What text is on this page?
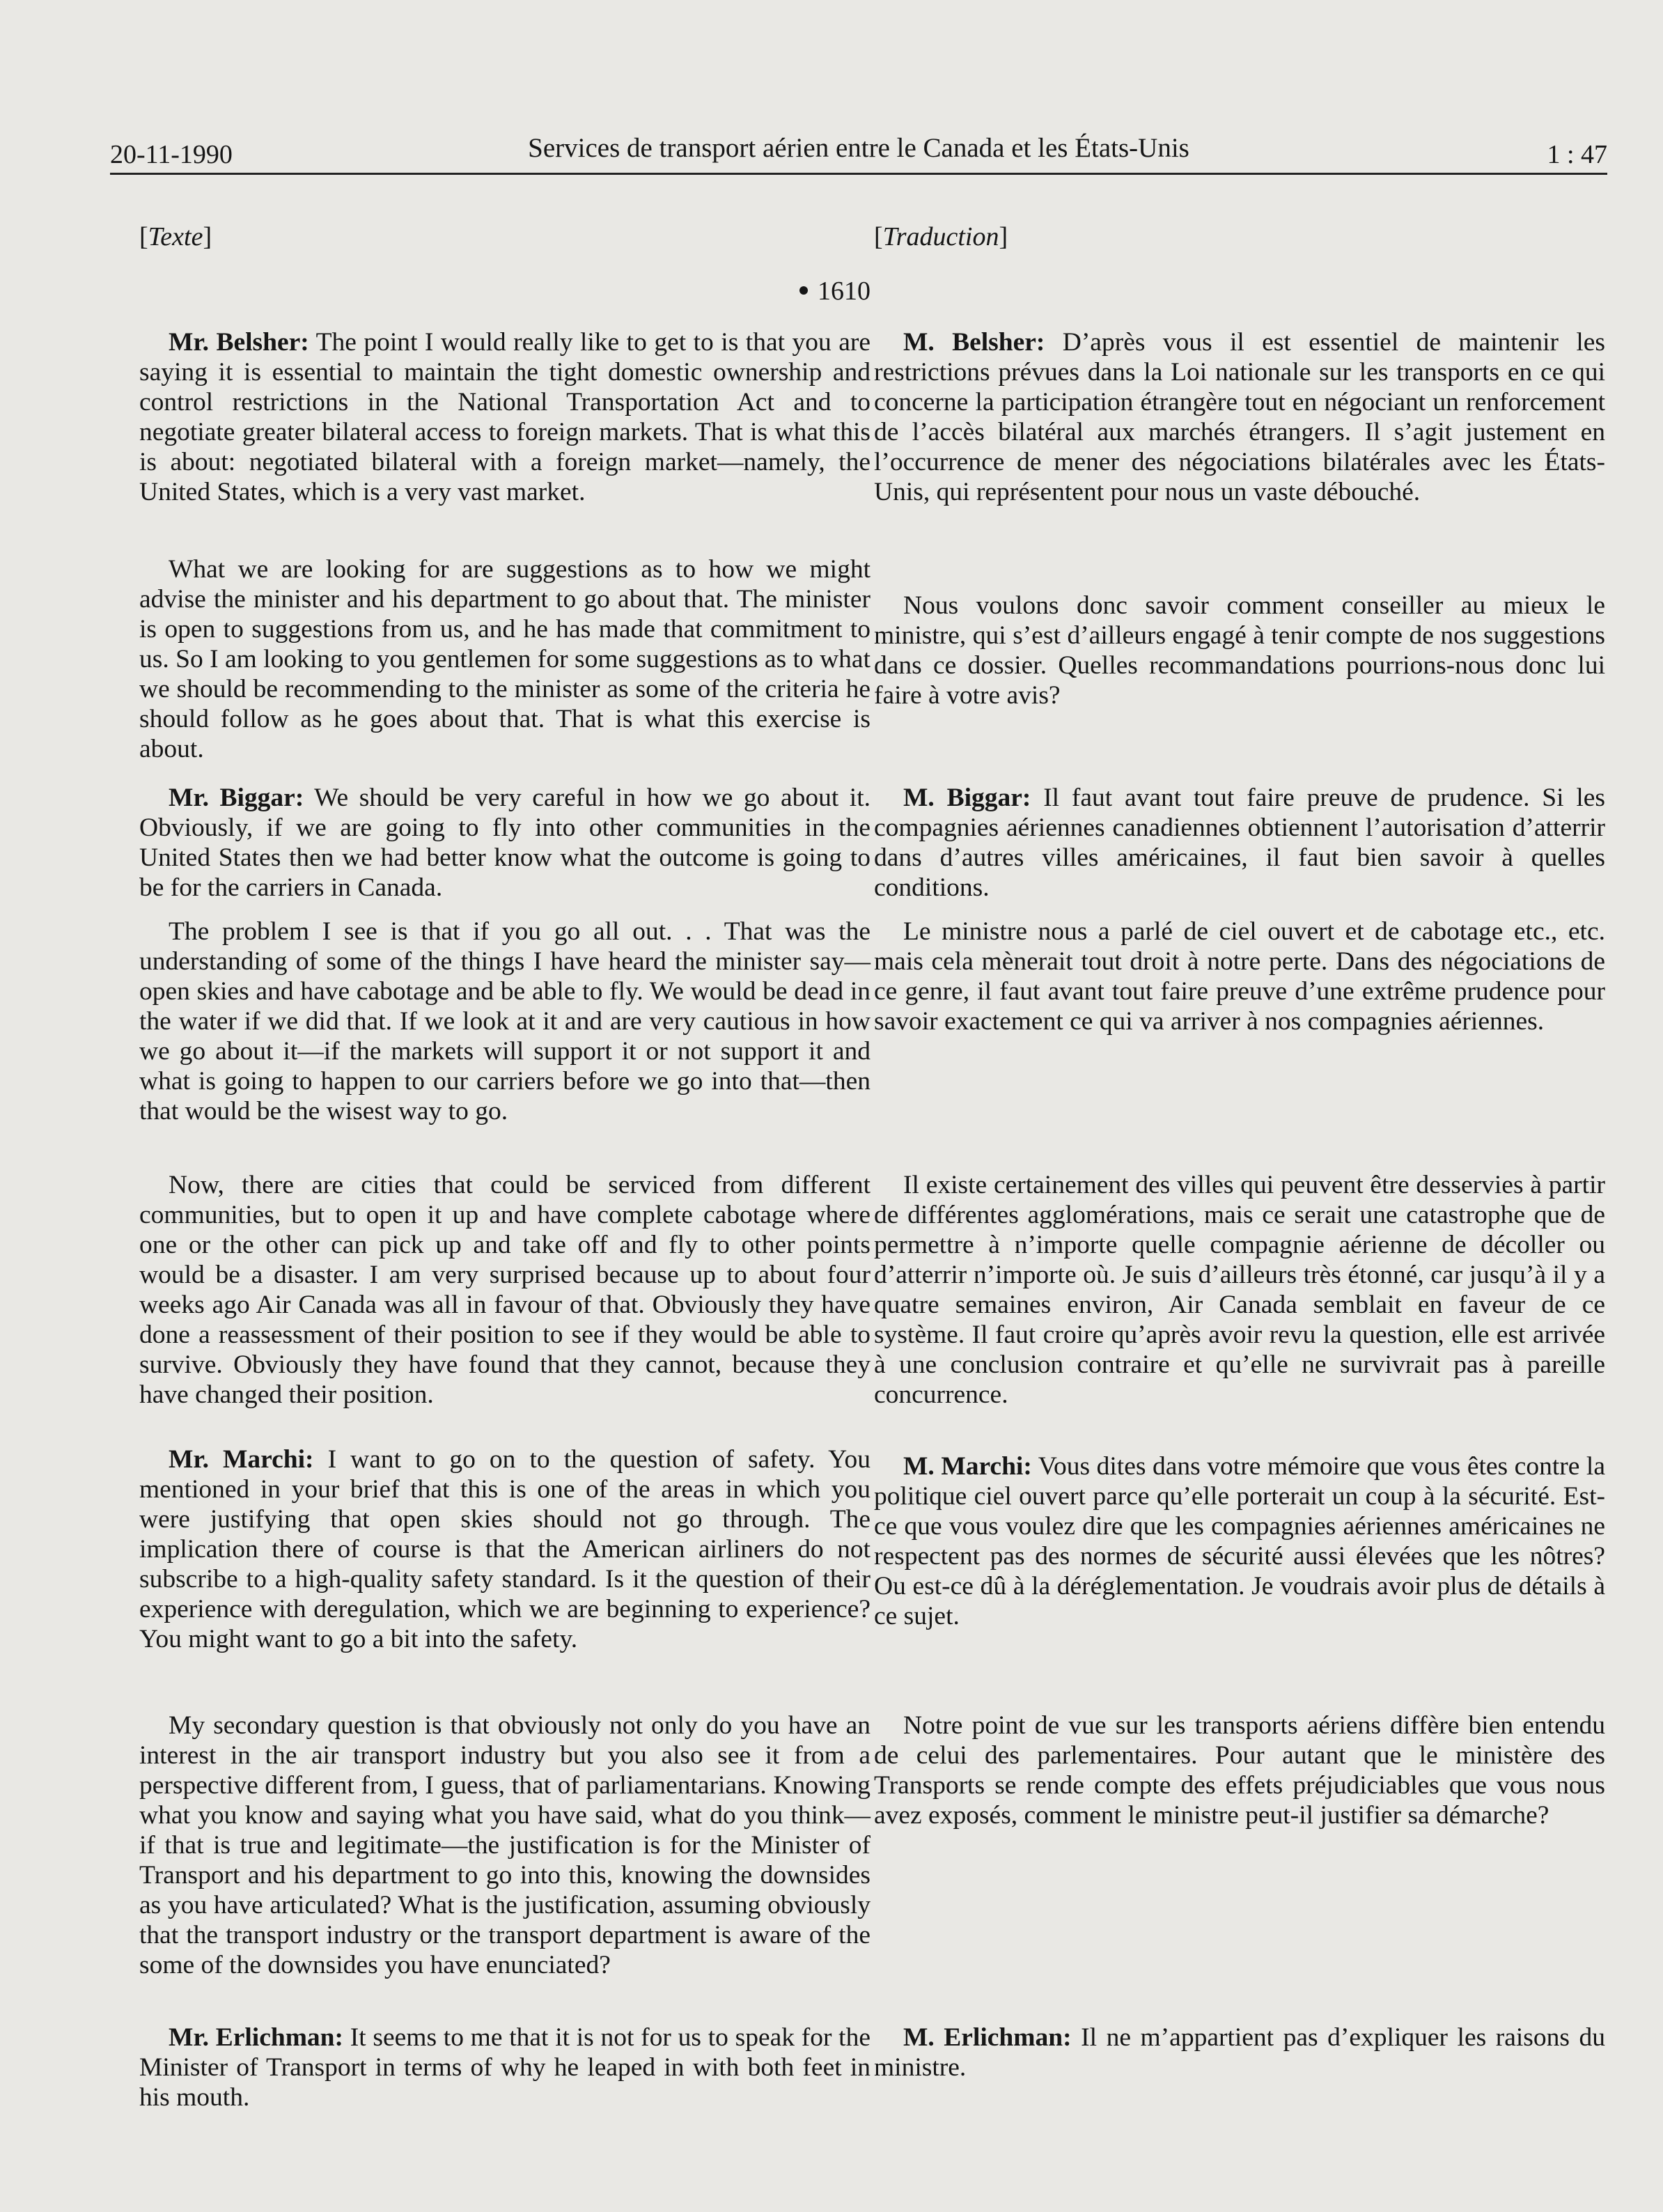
20-11-1990	Services de transport aérien entre le Canada et les États-Unis	1 : 47

[Texte]

1610

Mr. Belsher: The point I would really like to get to is that you are saying it is essential to maintain the tight domestic ownership and control restrictions in the National Transportation Act and to negotiate greater bilateral access to foreign markets. That is what this is about: negotiated bilateral with a foreign market—namely, the United States, which is a very vast market.

What we are looking for are suggestions as to how we might advise the minister and his department to go about that. The minister is open to suggestions from us, and he has made that commitment to us. So I am looking to you gentlemen for some suggestions as to what we should be recommending to the minister as some of the criteria he should follow as he goes about that. That is what this exercise is about.

Mr. Biggar: We should be very careful in how we go about it. Obviously, if we are going to fly into other communities in the United States then we had better know what the outcome is going to be for the carriers in Canada.

The problem I see is that if you go all out. . . That was the understanding of some of the things I have heard the minister say—open skies and have cabotage and be able to fly. We would be dead in the water if we did that. If we look at it and are very cautious in how we go about it—if the markets will support it or not support it and what is going to happen to our carriers before we go into that—then that would be the wisest way to go.

Now, there are cities that could be serviced from different communities, but to open it up and have complete cabotage where one or the other can pick up and take off and fly to other points would be a disaster. I am very surprised because up to about four weeks ago Air Canada was all in favour of that. Obviously they have done a reassessment of their position to see if they would be able to survive. Obviously they have found that they cannot, because they have changed their position.

Mr. Marchi: I want to go on to the question of safety. You mentioned in your brief that this is one of the areas in which you were justifying that open skies should not go through. The implication there of course is that the American airliners do not subscribe to a high-quality safety standard. Is it the question of their experience with deregulation, which we are beginning to experience? You might want to go a bit into the safety.

My secondary question is that obviously not only do you have an interest in the air transport industry but you also see it from a perspective different from, I guess, that of parliamentarians. Knowing what you know and saying what you have said, what do you think—if that is true and legitimate—the justification is for the Minister of Transport and his department to go into this, knowing the downsides as you have articulated? What is the justification, assuming obviously that the transport industry or the transport department is aware of the some of the downsides you have enunciated?

Mr. Erlichman: It seems to me that it is not for us to speak for the Minister of Transport in terms of why he leaped in with both feet in his mouth.

[Traduction]

M. Belsher: D’après vous il est essentiel de maintenir les restrictions prévues dans la Loi nationale sur les transports en ce qui concerne la participation étrangère tout en négociant un renforcement de l’accès bilatéral aux marchés étrangers. Il s’agit justement en l’occurrence de mener des négociations bilatérales avec les États-Unis, qui représentent pour nous un vaste débouché.

Nous voulons donc savoir comment conseiller au mieux le ministre, qui s’est d’ailleurs engagé à tenir compte de nos suggestions dans ce dossier. Quelles recommandations pourrions-nous donc lui faire à votre avis?

M. Biggar: Il faut avant tout faire preuve de prudence. Si les compagnies aériennes canadiennes obtiennent l’autorisation d’atterrir dans d’autres villes américaines, il faut bien savoir à quelles conditions.

Le ministre nous a parlé de ciel ouvert et de cabotage etc., etc. mais cela mènerait tout droit à notre perte. Dans des négociations de ce genre, il faut avant tout faire preuve d’une extrême prudence pour savoir exactement ce qui va arriver à nos compagnies aériennes.

Il existe certainement des villes qui peuvent être desservies à partir de différentes agglomérations, mais ce serait une catastrophe que de permettre à n’importe quelle compagnie aérienne de décoller ou d’atterrir n’importe où. Je suis d’ailleurs très étonné, car jusqu’à il y a quatre semaines environ, Air Canada semblait en faveur de ce système. Il faut croire qu’après avoir revu la question, elle est arrivée à une conclusion contraire et qu’elle ne survivrait pas à pareille concurrence.

M. Marchi: Vous dites dans votre mémoire que vous êtes contre la politique ciel ouvert parce qu’elle porterait un coup à la sécurité. Est-ce que vous voulez dire que les compagnies aériennes américaines ne respectent pas des normes de sécurité aussi élevées que les nôtres? Ou est-ce dû à la déréglementation. Je voudrais avoir plus de détails à ce sujet.

Notre point de vue sur les transports aériens diffère bien entendu de celui des parlementaires. Pour autant que le ministère des Transports se rende compte des effets préjudiciables que vous nous avez exposés, comment le ministre peut-il justifier sa démarche?

M. Erlichman: Il ne m’appartient pas d’expliquer les raisons du ministre.
